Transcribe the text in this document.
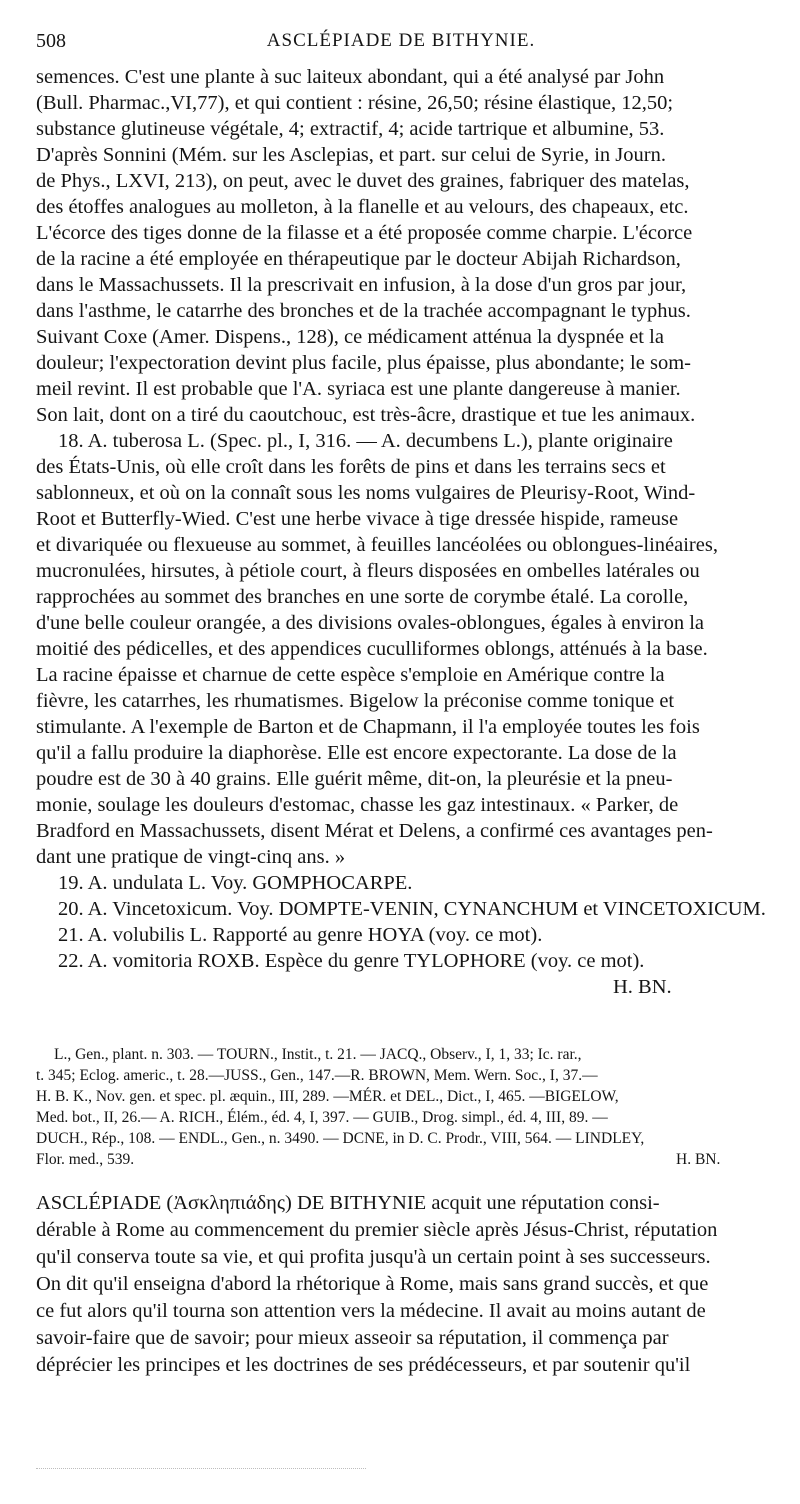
508	ASCLÉPIADE DE BITHYNIE.
semences. C'est une plante à suc laiteux abondant, qui a été analysé par John
(Bull. Pharmac.,VI,77), et qui contient : résine, 26,50; résine élastique, 12,50;
substance glutineuse végétale, 4; extractif, 4; acide tartrique et albumine, 53.
D'après Sonnini (Mém. sur les Asclepias, et part. sur celui de Syrie, in Journ.
de Phys., LXVI, 213), on peut, avec le duvet des graines, fabriquer des matelas,
des étoffes analogues au molleton, à la flanelle et au velours, des chapeaux, etc.
L'écorce des tiges donne de la filasse et a été proposée comme charpie. L'écorce
de la racine a été employée en thérapeutique par le docteur Abijah Richardson,
dans le Massachussets. Il la prescrivait en infusion, à la dose d'un gros par jour,
dans l'asthme, le catarrhe des bronches et de la trachée accompagnant le typhus.
Suivant Coxe (Amer. Dispens., 128), ce médicament atténua la dyspnée et la
douleur; l'expectoration devint plus facile, plus épaisse, plus abondante; le som-
meil revint. Il est probable que l'A. syriaca est une plante dangereuse à manier.
Son lait, dont on a tiré du caoutchouc, est très-âcre, drastique et tue les animaux.
18. A. tuberosa L. (Spec. pl., I, 316. — A. decumbens L.), plante originaire
des États-Unis, où elle croît dans les forêts de pins et dans les terrains secs et
sablonneux, et où on la connaît sous les noms vulgaires de Pleurisy-Root, Wind-
Root et Butterfly-Wied. C'est une herbe vivace à tige dressée hispide, rameuse
et divariquée ou flexueuse au sommet, à feuilles lancéolées ou oblongues-linéaires,
mucronulées, hirsutes, à pétiole court, à fleurs disposées en ombelles latérales ou
rapprochées au sommet des branches en une sorte de corymbe étalé. La corolle,
d'une belle couleur orangée, a des divisions ovales-oblongues, égales à environ la
moitié des pédicelles, et des appendices cuculliformes oblongs, atténués à la base.
La racine épaisse et charnue de cette espèce s'emploie en Amérique contre la
fièvre, les catarrhes, les rhumatismes. Bigelow la préconise comme tonique et
stimulante. A l'exemple de Barton et de Chapmann, il l'a employée toutes les fois
qu'il a fallu produire la diaphorèse. Elle est encore expectorante. La dose de la
poudre est de 30 à 40 grains. Elle guérit même, dit-on, la pleurésie et la pneu-
monie, soulage les douleurs d'estomac, chasse les gaz intestinaux. « Parker, de
Bradford en Massachussets, disent Mérat et Delens, a confirmé ces avantages pen-
dant une pratique de vingt-cinq ans. »
19. A. undulata L. Voy. GOMPHOCARPE.
20. A. Vincetoxicum. Voy. DOMPTE-VENIN, CYNANCHUM et VINCETOXICUM.
21. A. volubilis L. Rapporté au genre HOYA (voy. ce mot).
22. A. vomitoria ROXB. Espèce du genre TYLOPHORE (voy. ce mot).
H. BN.
L., Gen., plant. n. 303. — TOURN., Instit., t. 21. — JACQ., Observ., I, 1, 33; Ic. rar.,
t. 345; Eclog. americ., t. 28.—JUSS., Gen., 147.—R. BROWN, Mem. Wern. Soc., I, 37.—
H. B. K., Nov. gen. et spec. pl. æquin., III, 289. —MÉR. et DEL., Dict., I, 465. —BIGELOW,
Med. bot., II, 26.— A. RICH., Élém., éd. 4, I, 397. — GUIB., Drog. simpl., éd. 4, III, 89. —
DUCH., Rép., 108. — ENDL., Gen., n. 3490. — DCNE, in D. C. Prodr., VIII, 564. — LINDLEY,
Flor. med., 539.	H. BN.
ASCLÉPIADE (Ἀσκληπιάδης) DE BITHYNIE acquit une réputation consi-
dérable à Rome au commencement du premier siècle après Jésus-Christ, réputation
qu'il conserva toute sa vie, et qui profita jusqu'à un certain point à ses successeurs.
On dit qu'il enseigna d'abord la rhétorique à Rome, mais sans grand succès, et que
ce fut alors qu'il tourna son attention vers la médecine. Il avait au moins autant de
savoir-faire que de savoir; pour mieux asseoir sa réputation, il commença par
déprécier les principes et les doctrines de ses prédécesseurs, et par soutenir qu'il
